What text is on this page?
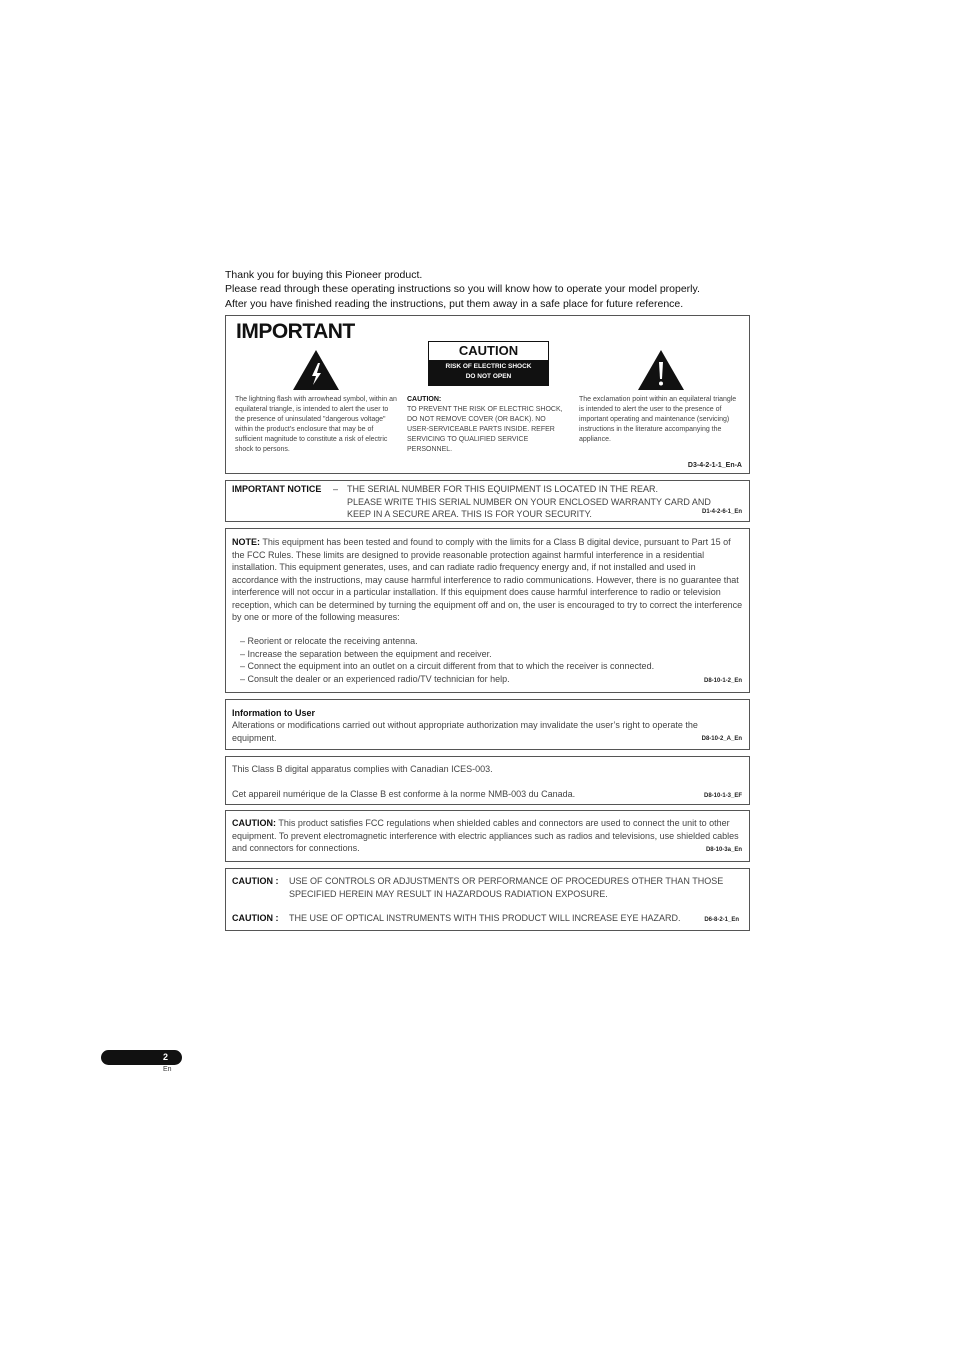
Thank you for buying this Pioneer product.
Please read through these operating instructions so you will know how to operate your model properly.
After you have finished reading the instructions, put them away in a safe place for future reference.
IMPORTANT
CAUTION
RISK OF ELECTRIC SHOCK
DO NOT OPEN
The lightning flash with arrowhead symbol, within an equilateral triangle, is intended to alert the user to the presence of uninsulated "dangerous voltage" within the product's enclosure that may be of sufficient magnitude to constitute a risk of electric shock to persons.
CAUTION:
TO PREVENT THE RISK OF ELECTRIC SHOCK, DO NOT REMOVE COVER (OR BACK). NO USER-SERVICEABLE PARTS INSIDE. REFER SERVICING TO QUALIFIED SERVICE PERSONNEL.
The exclamation point within an equilateral triangle is intended to alert the user to the presence of important operating and maintenance (servicing) instructions in the literature accompanying the appliance.
D3-4-2-1-1_En-A
IMPORTANT NOTICE – THE SERIAL NUMBER FOR THIS EQUIPMENT IS LOCATED IN THE REAR.
PLEASE WRITE THIS SERIAL NUMBER ON YOUR ENCLOSED WARRANTY CARD AND
KEEP IN A SECURE AREA. THIS IS FOR YOUR SECURITY.	D1-4-2-6-1_En
NOTE: This equipment has been tested and found to comply with the limits for a Class B digital device, pursuant to Part 15 of the FCC Rules. These limits are designed to provide reasonable protection against harmful interference in a residential installation. This equipment generates, uses, and can radiate radio frequency energy and, if not installed and used in accordance with the instructions, may cause harmful interference to radio communications. However, there is no guarantee that interference will not occur in a particular installation. If this equipment does cause harmful interference to radio or television reception, which can be determined by turning the equipment off and on, the user is encouraged to try to correct the interference by one or more of the following measures:
– Reorient or relocate the receiving antenna.
– Increase the separation between the equipment and receiver.
– Connect the equipment into an outlet on a circuit different from that to which the receiver is connected.
– Consult the dealer or an experienced radio/TV technician for help.	D8-10-1-2_En
Information to User
Alterations or modifications carried out without appropriate authorization may invalidate the user’s right to operate the equipment.	D8-10-2_A_En
This Class B digital apparatus complies with Canadian ICES-003.
Cet appareil numérique de la Classe B est conforme à la norme NMB-003 du Canada.	D8-10-1-3_EF
CAUTION: This product satisfies FCC regulations when shielded cables and connectors are used to connect the unit to other equipment. To prevent electromagnetic interference with electric appliances such as radios and televisions, use shielded cables and connectors for connections.	D8-10-3a_En
CAUTION : USE OF CONTROLS OR ADJUSTMENTS OR PERFORMANCE OF PROCEDURES OTHER THAN THOSE
SPECIFIED HEREIN MAY RESULT IN HAZARDOUS RADIATION EXPOSURE.
CAUTION : THE USE OF OPTICAL INSTRUMENTS WITH THIS PRODUCT WILL INCREASE EYE HAZARD.	D6-8-2-1_En
2
En
